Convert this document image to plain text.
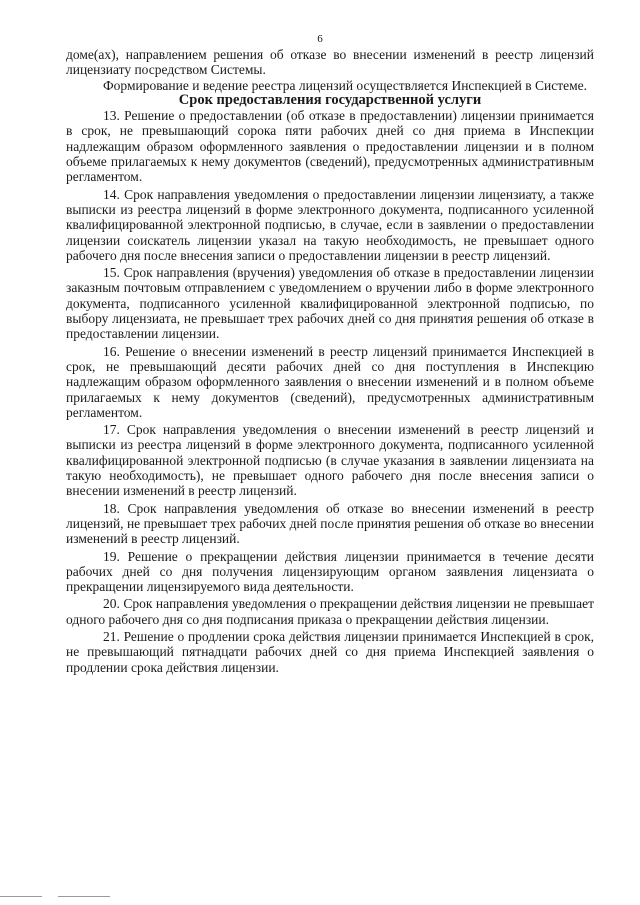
6

доме(ах), направлением решения об отказе во внесении изменений в реестр лицензий лицензиату посредством Системы.

Формирование и ведение реестра лицензий осуществляется Инспекцией в Системе.

Срок предоставления государственной услуги

13. Решение о предоставлении (об отказе в предоставлении) лицензии принимается в срок, не превышающий сорока пяти рабочих дней со дня приема в Инспекции надлежащим образом оформленного заявления о предоставлении лицензии и в полном объеме прилагаемых к нему документов (сведений), предусмотренных административным регламентом.

14. Срок направления уведомления о предоставлении лицензии лицензиату, а также выписки из реестра лицензий в форме электронного документа, подписанного усиленной квалифицированной электронной подписью, в случае, если в заявлении о предоставлении лицензии соискатель лицензии указал на такую необходимость, не превышает одного рабочего дня после внесения записи о предоставлении лицензии в реестр лицензий.

15. Срок направления (вручения) уведомления об отказе в предоставлении лицензии заказным почтовым отправлением с уведомлением о вручении либо в форме электронного документа, подписанного усиленной квалифицированной электронной подписью, по выбору лицензиата, не превышает трех рабочих дней со дня принятия решения об отказе в предоставлении лицензии.

16. Решение о внесении изменений в реестр лицензий принимается Инспекцией в срок, не превышающий десяти рабочих дней со дня поступления в Инспекцию надлежащим образом оформленного заявления о внесении изменений и в полном объеме прилагаемых к нему документов (сведений), предусмотренных административным регламентом.

17. Срок направления уведомления о внесении изменений в реестр лицензий и выписки из реестра лицензий в форме электронного документа, подписанного усиленной квалифицированной электронной подписью (в случае указания в заявлении лицензиата на такую необходимость), не превышает одного рабочего дня после внесения записи о внесении изменений в реестр лицензий.

18. Срок направления уведомления об отказе во внесении изменений в реестр лицензий, не превышает трех рабочих дней после принятия решения об отказе во внесении изменений в реестр лицензий.

19. Решение о прекращении действия лицензии принимается в течение десяти рабочих дней со дня получения лицензирующим органом заявления лицензиата о прекращении лицензируемого вида деятельности.

20. Срок направления уведомления о прекращении действия лицензии не превышает одного рабочего дня со дня подписания приказа о прекращении действия лицензии.

21. Решение о продлении срока действия лицензии принимается Инспекцией в срок, не превышающий пятнадцати рабочих дней со дня приема Инспекцией заявления о продлении срока действия лицензии.
